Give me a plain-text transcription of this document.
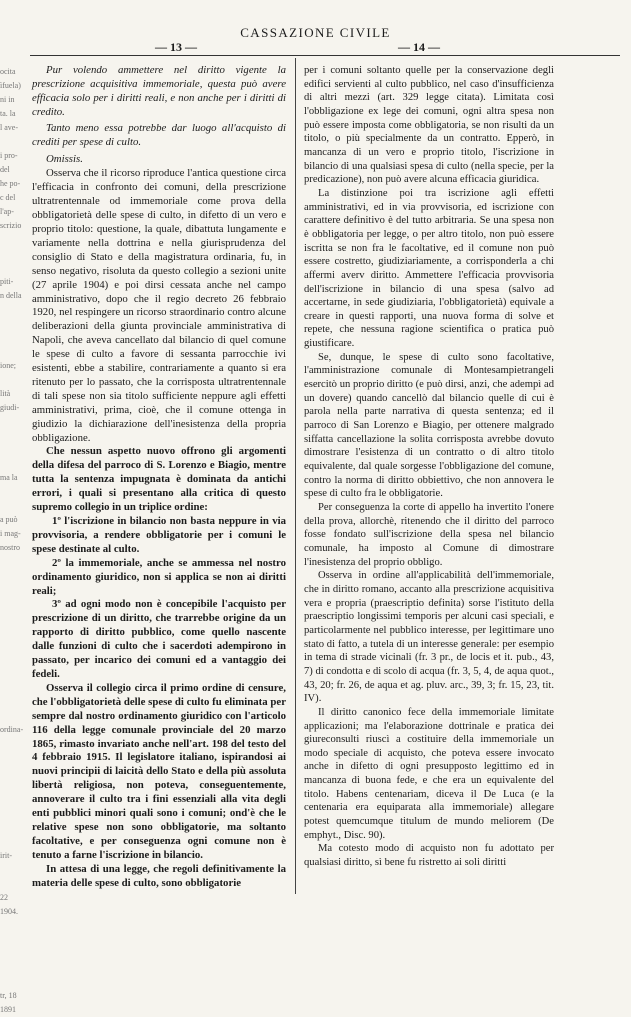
CASSAZIONE CIVILE
— 13 —	— 14 —
ocita
ìfuela)
ni in
ta. la
l ave-
i pro-
del
he po-
c del
l'ap-
scrizio
piti-
n della
ione;
lità
giudi-
ma la
a può
i mag-
nostro
ordina-
irit-
22
1904.
tr, 18
1891

Pur volendo ammettere nel diritto vigente la prescrizione acquisitiva immemoriale, questa può avere efficacia solo per i diritti reali, e non anche per i diritti di credito.

Tanto meno essa potrebbe dar luogo all'acquisto di crediti per spese di culto.

Omissis.

Osserva che il ricorso riproduce l'antica questione circa l'efficacia in confronto dei comuni, della prescrizione ultratrentennale od immemoriale come prova della obbligatorietà delle spese di culto, in difetto di un vero e proprio titolo: questione, la quale, dibattuta lungamente e variamente nella dottrina e nella giurisprudenza del consiglio di Stato e della magistratura ordinaria, fu, in senso negativo, risoluta da questo collegio a sezioni unite (27 aprile 1904) e poi dirsi cessata anche nel campo amministrativo, dopo che il regio decreto 26 febbraio 1920, nel respingere un ricorso straordinario contro alcune deliberazioni della giunta provinciale amministrativa di Napoli, che aveva cancellato dal bilancio di quel comune le spese di culto a favore di sessanta parrocchie ivi esistenti, ebbe a stabilire, contrariamente a quanto si era ritenuto per lo passato, che la corrisposta ultratrentennale di tali spese non sia titolo sufficiente neppure agli effetti amministrativi, prima, cioè, che il comune ottenga in giudizio la dichiarazione dell'inesistenza della propria obbligazione.

Che nessun aspetto nuovo offrono gli argomenti della difesa del parroco di S. Lorenzo e Biagio, mentre tutta la sentenza impugnata è dominata da antichi errori, i quali si presentano alla critica di questo supremo collegio in un triplice ordine:

1º l'iscrizione in bilancio non basta neppure in via provvisoria, a rendere obbligatorie per i comuni le spese destinate al culto.

2º la immemoriale, anche se ammessa nel nostro ordinamento giuridico, non si applica se non ai diritti reali;

3º ad ogni modo non è concepibile l'acquisto per prescrizione di un diritto, che trarrebbe origine da un rapporto di diritto pubblico, come quello nascente dalle funzioni di culto che i sacerdoti adempirono in passato, per incarico dei comuni ed a vantaggio dei fedeli.

Osserva il collegio circa il primo ordine di censure, che l'obbligatorietà delle spese di culto fu eliminata per sempre dal nostro ordinamento giuridico con l'articolo 116 della legge comunale provinciale del 20 marzo 1865, rimasto invariato anche nell'art. 198 del testo del 4 febbraio 1915. Il legislatore italiano, ispirandosi ai nuovi principii di laicità dello Stato e della più assoluta libertà religiosa, non poteva, conseguentemente, annoverare il culto tra i fini essenziali alla vita degli enti pubblici minori quali sono i comuni; ond'è che le relative spese non sono obbligatorie, ma soltanto facoltative, e per conseguenza ogni comune non è tenuto a farne l'iscrizione in bilancio.

In attesa di una legge, che regoli definitivamente la materia delle spese di culto, sono obbligatorie

per i comuni soltanto quelle per la conservazione degli edifici servienti al culto pubblico, nel caso d'insufficienza di altri mezzi (art. 329 legge citata). Limitata così l'obbligazione ex lege dei comuni, ogni altra spesa non può essere imposta come obbligatoria, se non risulti da un titolo, o più specialmente da un contratto. Epperò, in mancanza di un vero e proprio titolo, l'iscrizione in bilancio di una qualsiasi spesa di culto (nella specie, per la predicazione), non può avere alcuna efficacia giuridica.

La distinzione poi tra iscrizione agli effetti amministrativi, ed in via provvisoria, ed iscrizione con carattere definitivo è del tutto arbitraria. Se una spesa non è obbligatoria per legge, o per altro titolo, non può essere iscritta se non fra le facoltative, ed il comune non può essere costretto, giudiziariamente, a corrisponderla a chi affermi averv diritto. Ammettere l'efficacia provvisoria dell'iscrizione in bilancio di una spesa (salvo ad accertarne, in sede giudiziaria, l'obbligatorietà) equivale a creare in questi rapporti, una nuova forma di solve et repete, che nessuna ragione scientifica o pratica può giustificare.

Se, dunque, le spese di culto sono facoltative, l'amministrazione comunale di Montesampietrangeli esercitò un proprio diritto (e può dirsi, anzi, che adempì ad un dovere) quando cancellò dal bilancio quelle di cui è parola nella parte narrativa di questa sentenza; ed il parroco di San Lorenzo e Biagio, per ottenere malgrado siffatta cancellazione la solita corrisposta avrebbe dovuto dimostrare l'esistenza di un contratto o di altro titolo equivalente, dal quale sorgesse l'obbligazione del comune, contro la norma di diritto obbiettivo, che non annovera le spese di culto fra le obbligatorie.

Per conseguenza la corte di appello ha invertito l'onere della prova, allorchè, ritenendo che il diritto del parroco fosse fondato sull'iscrizione della spesa nel bilancio comunale, ha imposto al Comune di dimostrare l'inesistenza del proprio obbligo.

Osserva in ordine all'applicabilità dell'immemoriale, che in diritto romano, accanto alla prescrizione acquisitiva vera e propria (praescriptio definita) sorse l'istituto della praescriptio longissimi temporis per alcuni casi speciali, e particolarmente nel pubblico interesse, per legittimare uno stato di fatto, a tutela di un interesse generale: per esempio in tema di strade vicinali (fr. 3 pr., de locis et it. pub., 43, 7) di condotta e di scolo di acqua (fr. 3, 5, 4, de aqua quot., 43, 20; fr. 26, de aqua et ag. pluv. arc., 39, 3; fr. 15, 23, tit. IV).

Il diritto canonico fece della immemoriale limitate applicazioni; ma l'elaborazione dottrinale e pratica dei giureconsulti riuscì a costituire della immemoriale un modo speciale di acquisto, che poteva essere invocato anche in difetto di ogni presupposto legittimo ed in mancanza di buona fede, e che era un equivalente del titolo. Habens centenariam, diceva il De Luca (e la centenaria era equiparata alla immemoriale) allegare potest quemcumque titulum de mundo meliorem (De emphyt., Disc. 90).

Ma cotesto modo di acquisto non fu adottato per qualsiasi diritto, sì bene fu ristretto ai soli diritti
